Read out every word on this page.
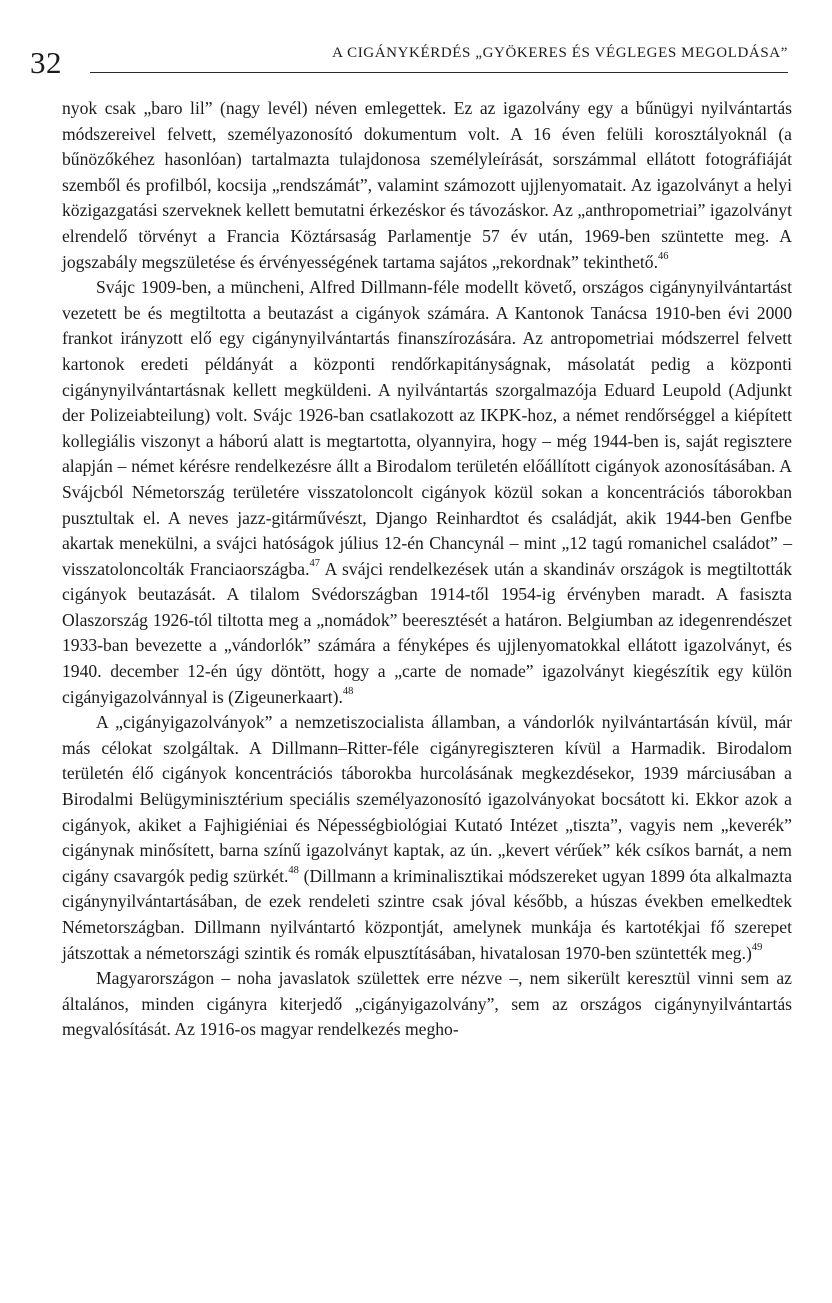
32	A CIGÁNYKÉRDÉS „GYÖKERES ÉS VÉGLEGES MEGOLDÁSA”

nyok csak „baro lil” (nagy levél) néven emlegettek. Ez az igazolvány egy a bűnügyi nyilvántartás módszereivel felvett, személyazonosító dokumentum volt. A 16 éven felüli korosztályoknál (a bűnözőkéhez hasonlóan) tartalmazta tulajdonosa személyleírását, sorszámmal ellátott fotográfiáját szemből és profilból, kocsija „rendszámát”, valamint számozott ujjlenyomatait. Az igazolványt a helyi közigazgatási szerveknek kellett bemutatni érkezéskor és távozáskor. Az „anthropometriai” igazolványt elrendelő törvényt a Francia Köztársaság Parlamentje 57 év után, 1969-ben szüntette meg. A jogszabály megszületése és érvényességének tartama sajátos „rekordnak” tekinthető.$^{46}$

Svájc 1909-ben, a müncheni, Alfred Dillmann-féle modellt követő, országos cigánynyilvántartást vezetett be és megtiltotta a beutazást a cigányok számára. A Kantonok Tanácsa 1910-ben évi 2000 frankot irányzott elő egy cigánynyilvántartás finanszírozására. Az antropometriai módszerrel felvett kartonok eredeti példányát a központi rendőrkapitányságnak, másolatát pedig a központi cigánynyilvántartásnak kellett megküldeni. A nyilvántartás szorgalmazója Eduard Leupold (Adjunkt der Polizeiabteilung) volt. Svájc 1926-ban csatlakozott az IKPK-hoz, a német rendőrséggel a kiépített kollegiális viszonyt a háború alatt is megtartotta, olyannyira, hogy – még 1944-ben is, saját regisztere alapján – német kérésre rendelkezésre állt a Birodalom területén előállított cigányok azonosításában. A Svájcból Németország területére visszatoloncolt cigányok közül sokan a koncentrációs táborokban pusztultak el. A neves jazz-gitárművészt, Django Reinhardtot és családját, akik 1944-ben Genfbe akartak menekülni, a svájci hatóságok július 12-én Chancynál – mint „12 tagú romanichel családot” – visszatoloncolták Franciaországba.$^{47}$ A svájci rendelkezések után a skandináv országok is megtiltották cigányok beutazását. A tilalom Svédországban 1914-től 1954-ig érvényben maradt. A fasiszta Olaszország 1926-tól tiltotta meg a „nomádok” beeresztését a határon. Belgiumban az idegenrendészet 1933-ban bevezette a „vándorlók” számára a fényképes és ujjlenyomatokkal ellátott igazolványt, és 1940. december 12-én úgy döntött, hogy a „carte de nomade” igazolványt kiegészítik egy külön cigányigazolvánnyal is (Zigeunerkaart).$^{48}$

A „cigányigazolványok” a nemzetiszocialista államban, a vándorlók nyilvántartásán kívül, már más célokat szolgáltak. A Dillmann–Ritter-féle cigányregiszteren kívül a Harmadik. Birodalom területén élő cigányok koncentrációs táborokba hurcolásának megkezdésekor, 1939 márciusában a Birodalmi Belügyminisztérium speciális személyazonosító igazolványokat bocsátott ki. Ekkor azok a cigányok, akiket a Fajhigiéniai és Népességbiológiai Kutató Intézet „tiszta”, vagyis nem „keverék” cigánynak minősített, barna színű igazolványt kaptak, az ún. „kevert vérűek” kék csíkos barnát, a nem cigány csavargók pedig szürkét.$^{48}$ (Dillmann a kriminalisztikai módszereket ugyan 1899 óta alkalmazta cigánynyilvántartásában, de ezek rendeleti szintre csak jóval később, a húszas években emelkedtek Németországban. Dillmann nyilvántartó központját, amelynek munkája és kartotékjai fő szerepet játszottak a németországi szintik és romák elpusztításában, hivatalosan 1970-ben szüntették meg.)$^{49}$

Magyarországon – noha javaslatok születtek erre nézve –, nem sikerült keresztül vinni sem az általános, minden cigányra kiterjedő „cigányigazolvány”, sem az országos cigánynyilvántartás megvalósítását. Az 1916-os magyar rendelkezés megho-
